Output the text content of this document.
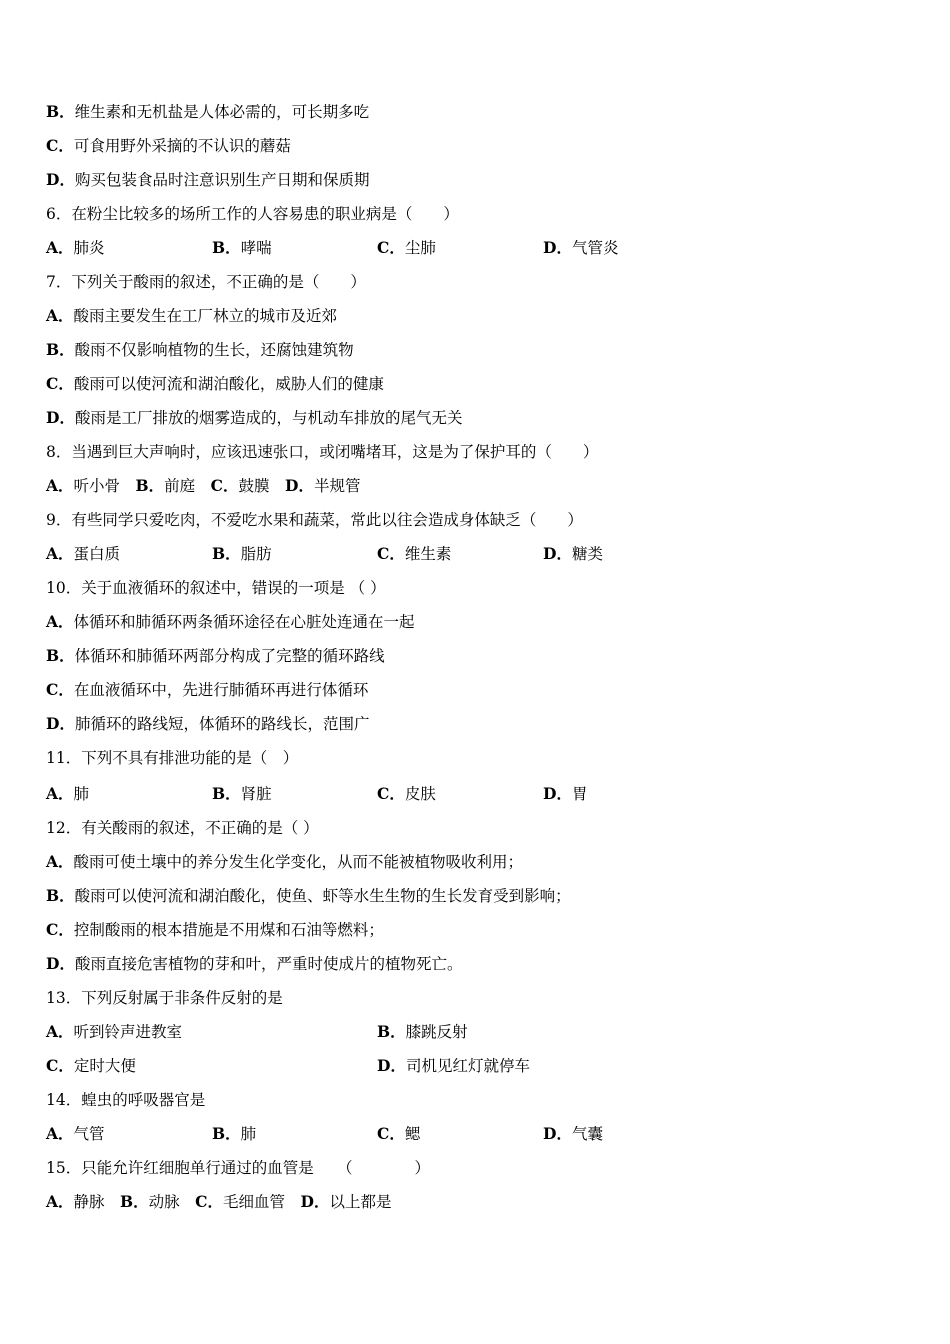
B．维生素和无机盐是人体必需的，可长期多吃
C．可食用野外采摘的不认识的蘑菇
D．购买包装食品时注意识别生产日期和保质期
6．在粉尘比较多的场所工作的人容易患的职业病是（　　）
A．肺炎	B．哮喘	C．尘肺	D．气管炎
7．下列关于酸雨的叙述，不正确的是（　　）
A．酸雨主要发生在工厂林立的城市及近郊
B．酸雨不仅影响植物的生长，还腐蚀建筑物
C．酸雨可以使河流和湖泊酸化，威胁人们的健康
D．酸雨是工厂排放的烟雾造成的，与机动车排放的尾气无关
8．当遇到巨大声响时，应该迅速张口，或闭嘴堵耳，这是为了保护耳的（　　）
A．听小骨　B．前庭　C．鼓膜　D．半规管
9．有些同学只爱吃肉，不爱吃水果和蔬菜，常此以往会造成身体缺乏（　　）
A．蛋白质	B．脂肪	C．维生素	D．糖类
10．关于血液循环的叙述中，错误的一项是 （ ）
A．体循环和肺循环两条循环途径在心脏处连通在一起
B．体循环和肺循环两部分构成了完整的循环路线
C．在血液循环中，先进行肺循环再进行体循环
D．肺循环的路线短，体循环的路线长，范围广
11．下列不具有排泄功能的是（　）
A．肺	B．肾脏	C．皮肤	D．胃
12．有关酸雨的叙述，不正确的是（ ）
A．酸雨可使土壤中的养分发生化学变化，从而不能被植物吸收利用；
B．酸雨可以使河流和湖泊酸化，使鱼、虾等水生生物的生长发育受到影响；
C．控制酸雨的根本措施是不用煤和石油等燃料；
D．酸雨直接危害植物的芽和叶，严重时使成片的植物死亡。
13．下列反射属于非条件反射的是
A．听到铃声进教室	B．膝跳反射
C．定时大便	D．司机见红灯就停车
14．蝗虫的呼吸器官是
A．气管	B．肺	C．鳃	D．气囊
15．只能允许红细胞单行通过的血管是　　（　　　　）
A．静脉　B．动脉　C．毛细血管　D．以上都是
